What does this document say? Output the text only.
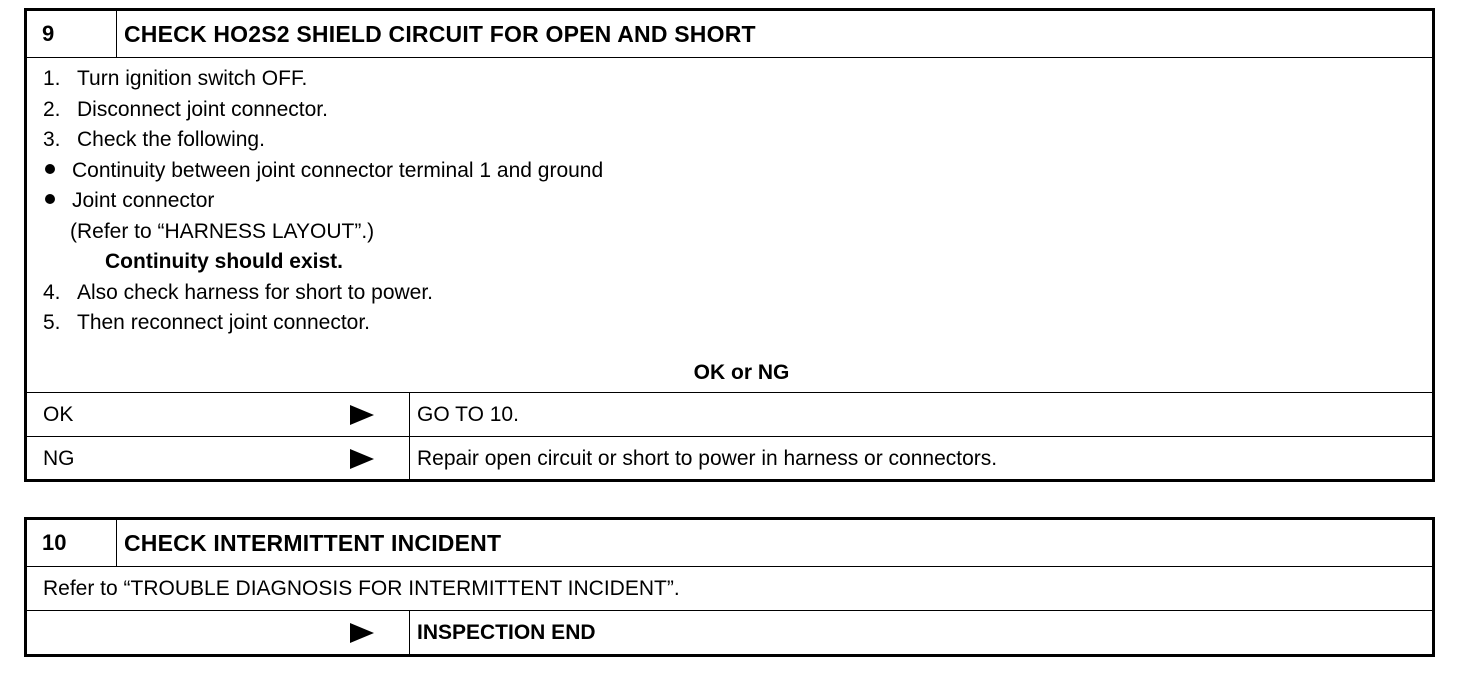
9	CHECK HO2S2 SHIELD CIRCUIT FOR OPEN AND SHORT
1. Turn ignition switch OFF.
2. Disconnect joint connector.
3. Check the following.
Continuity between joint connector terminal 1 and ground
Joint connector
(Refer to “HARNESS LAYOUT”.)
Continuity should exist.
4. Also check harness for short to power.
5. Then reconnect joint connector.
OK or NG
OK	GO TO 10.
NG	Repair open circuit or short to power in harness or connectors.
10	CHECK INTERMITTENT INCIDENT
Refer to “TROUBLE DIAGNOSIS FOR INTERMITTENT INCIDENT”.
INSPECTION END
